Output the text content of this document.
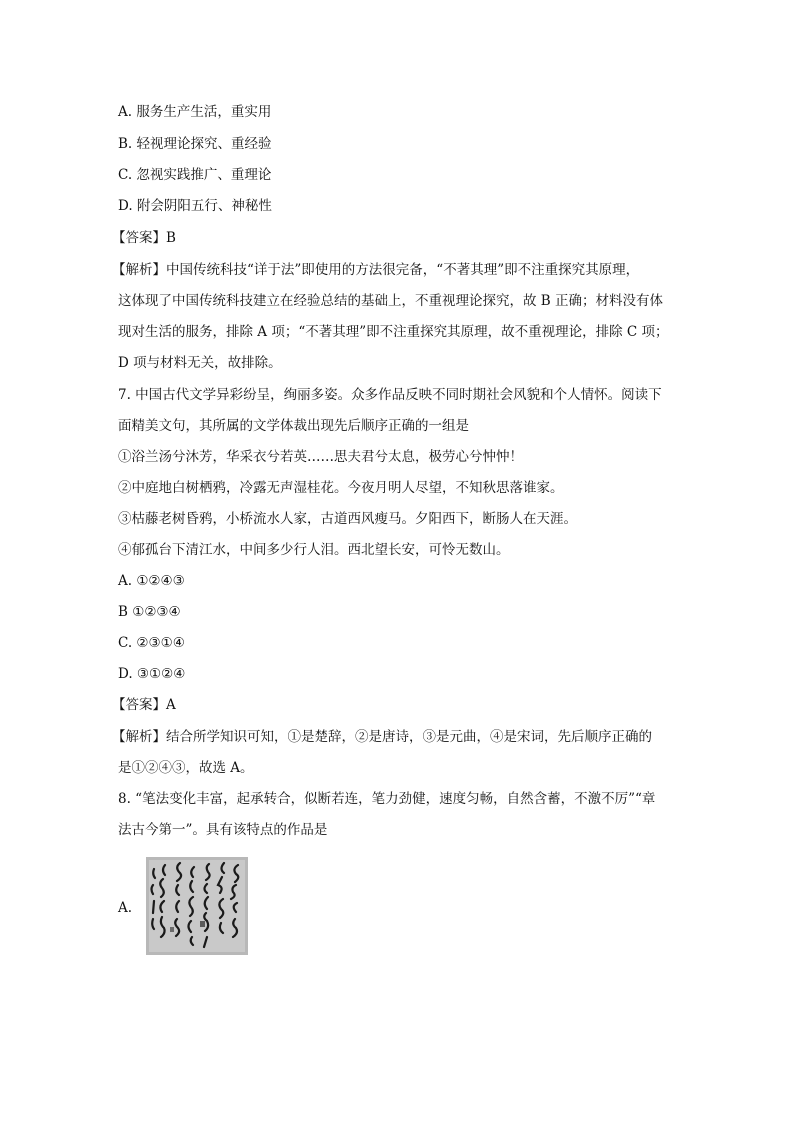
A. 服务生产生活，重实用
B. 轻视理论探究、重经验
C. 忽视实践推广、重理论
D. 附会阴阳五行、神秘性
【答案】B
【解析】中国传统科技“详于法”即使用的方法很完备，“不著其理”即不注重探究其原理，
这体现了中国传统科技建立在经验总结的基础上，不重视理论探究，故 B 正确；材料没有体
现对生活的服务，排除 A 项；“不著其理”即不注重探究其原理，故不重视理论，排除 C 项；
D 项与材料无关，故排除。
7. 中国古代文学异彩纷呈，绚丽多姿。众多作品反映不同时期社会风貌和个人情怀。阅读下
面精美文句，其所属的文学体裁出现先后顺序正确的一组是
①浴兰汤兮沐芳，华采衣兮若英……思夫君兮太息，极劳心兮忡忡！
②中庭地白树栖鸦，冷露无声湿桂花。今夜月明人尽望，不知秋思落谁家。
③枯藤老树昏鸦，小桥流水人家，古道西风瘦马。夕阳西下，断肠人在天涯。
④郁孤台下清江水，中间多少行人泪。西北望长安，可怜无数山。
A. ①②④③
B ①②③④
C. ②③①④
D. ③①②④
【答案】A
【解析】结合所学知识可知，①是楚辞，②是唐诗，③是元曲，④是宋词，先后顺序正确的
是①②④③，故选 A。
8. “笔法变化丰富，起承转合，似断若连，笔力劲健，速度匀畅，自然含蓄，不激不厉”“章
法古今第一”。具有该特点的作品是
A.
